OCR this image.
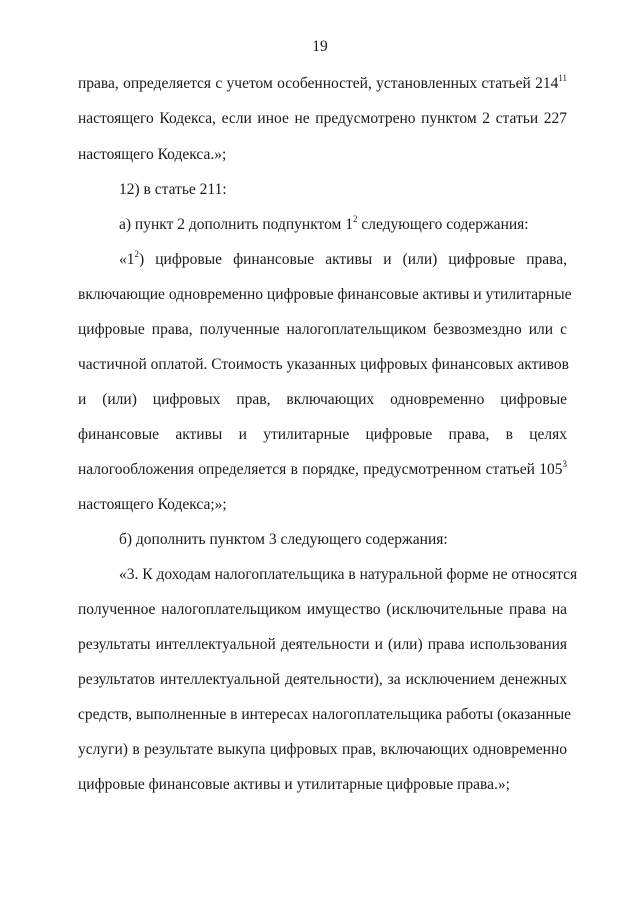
19
права, определяется с учетом особенностей, установленных статьей $214^{11}$
настоящего Кодекса, если иное не предусмотрено пунктом 2 статьи 227
настоящего Кодекса.»;
12) в статье 211:
а) пункт 2 дополнить подпунктом $1^2$ следующего содержания:
«$1^2$) цифровые финансовые активы и (или) цифровые права,
включающие одновременно цифровые финансовые активы и утилитарные
цифровые права, полученные налогоплательщиком безвозмездно или с
частичной оплатой. Стоимость указанных цифровых финансовых активов
и (или) цифровых прав, включающих одновременно цифровые
финансовые активы и утилитарные цифровые права, в целях
налогообложения определяется в порядке, предусмотренном статьей $105^3$
настоящего Кодекса;»;
б) дополнить пунктом 3 следующего содержания:
«3. К доходам налогоплательщика в натуральной форме не относятся
полученное налогоплательщиком имущество (исключительные права на
результаты интеллектуальной деятельности и (или) права использования
результатов интеллектуальной деятельности), за исключением денежных
средств, выполненные в интересах налогоплательщика работы (оказанные
услуги) в результате выкупа цифровых прав, включающих одновременно
цифровые финансовые активы и утилитарные цифровые права.»;
